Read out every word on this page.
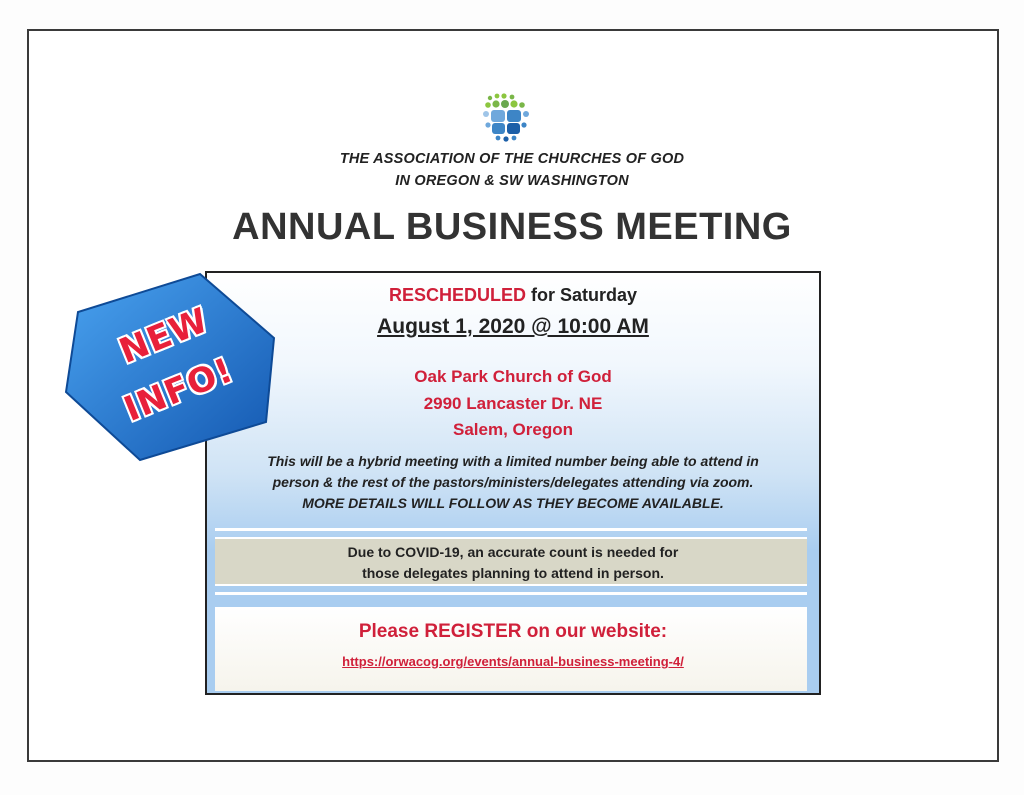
THE ASSOCIATION OF THE CHURCHES OF GOD
IN OREGON & SW WASHINGTON
ANNUAL BUSINESS MEETING
RESCHEDULED for Saturday
August 1, 2020 @ 10:00 AM
Oak Park Church of God
2990 Lancaster Dr. NE
Salem, Oregon
This will be a hybrid meeting with a limited number being able to attend in
person & the rest of the pastors/ministers/delegates attending via zoom.
MORE DETAILS WILL FOLLOW AS THEY BECOME AVAILABLE.
Due to COVID-19, an accurate count is needed for
those delegates planning to attend in person.
Please REGISTER on our website:
https://orwacog.org/events/annual-business-meeting-4/
NEW
INFO!
